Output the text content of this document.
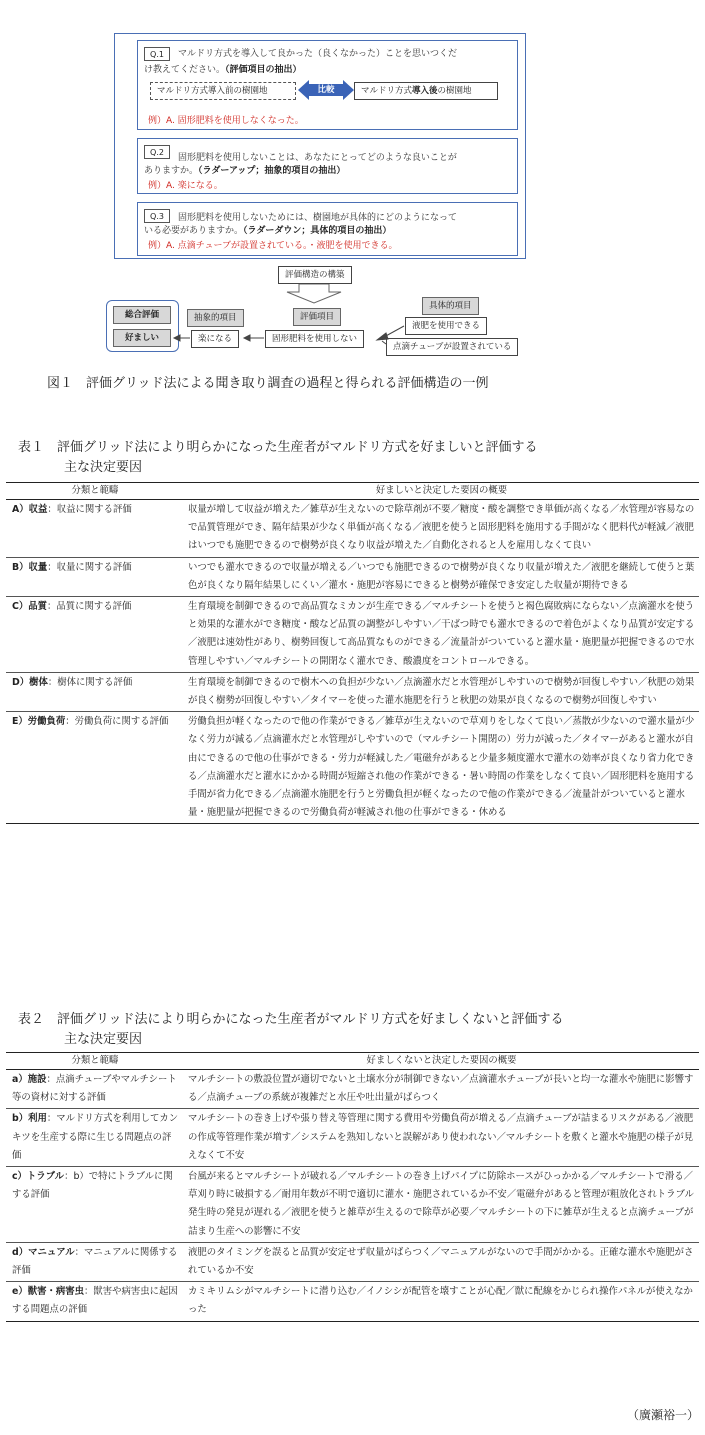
Q.1	マルドリ方式を導入して良かった（良くなかった）ことを思いつくだ
け教えてください。（評価項目の抽出）
マルドリ方式導入前の樹園地	比較	マルドリ方式導入後の樹園地
例）A. 固形肥料を使用しなくなった。
Q.2
固形肥料を使用しないことは、あなたにとってどのような良いことが
ありますか。（ラダーアップ；抽象的項目の抽出）
例）A. 楽になる。
Q.3	固形肥料を使用しないためには、樹園地が具体的にどのようになって
いる必要がありますか。（ラダーダウン；具体的項目の抽出）
例）A. 点滴チューブが設置されている。・液肥を使用できる。
評価構造の構築
総合評価
好ましい
抽象的項目
楽になる
評価項目
固形肥料を使用しない
具体的項目
液肥を使用できる
点滴チューブが設置されている
図１　評価グリッド法による聞き取り調査の過程と得られる評価構造の一例
表１　評価グリッド法により明らかになった生産者がマルドリ方式を好ましいと評価する
主な決定要因
分類と範疇	好ましいと決定した要因の概要
A）収益：収益に関する評価	収量が増して収益が増えた／雑草が生えないので除草剤が不要／糖度・酸を調整でき単価が高くなる／水管理が容易なので品質管理ができ、隔年結果が少なく単価が高くなる／液肥を使うと固形肥料を施用する手間がなく肥料代が軽減／液肥はいつでも施肥できるので樹勢が良くなり収益が増えた／自動化されると人を雇用しなくて良い
B）収量：収量に関する評価	いつでも灌水できるので収量が増える／いつでも施肥できるので樹勢が良くなり収量が増えた／液肥を継続して使うと葉色が良くなり隔年結果しにくい／灌水・施肥が容易にできると樹勢が確保でき安定した収量が期待できる
C）品質：品質に関する評価	生育環境を制御できるので高品質なミカンが生産できる／マルチシートを使うと褐色腐敗病にならない／点滴灌水を使うと効果的な灌水ができ糖度・酸など品質の調整がしやすい／干ばつ時でも灌水できるので着色がよくなり品質が安定する／液肥は速効性があり、樹勢回復して高品質なものができる／流量計がついていると灌水量・施肥量が把握できるので水管理しやすい／マルチシートの開閉なく灌水でき、酸濃度をコントロールできる。
D）樹体：樹体に関する評価	生育環境を制御できるので樹木への負担が少ない／点滴灌水だと水管理がしやすいので樹勢が回復しやすい／秋肥の効果が良く樹勢が回復しやすい／タイマーを使った灌水施肥を行うと秋肥の効果が良くなるので樹勢が回復しやすい
E）労働負荷：労働負荷に関する評価	労働負担が軽くなったので他の作業ができる／雑草が生えないので草刈りをしなくて良い／蒸散が少ないので灌水量が少なく労力が減る／点滴灌水だと水管理がしやすいので（マルチシート開閉の）労力が減った／タイマーがあると灌水が自由にできるので他の仕事ができる・労力が軽減した／電磁弁があると少量多頻度灌水で灌水の効率が良くなり省力化できる／点滴灌水だと灌水にかかる時間が短縮され他の作業ができる・暑い時間の作業をしなくて良い／固形肥料を施用する手間が省力化できる／点滴灌水施肥を行うと労働負担が軽くなったので他の作業ができる／流量計がついていると灌水量・施肥量が把握できるので労働負荷が軽減され他の仕事ができる・休める
表２　評価グリッド法により明らかになった生産者がマルドリ方式を好ましくないと評価する
主な決定要因
分類と範疇	好ましくないと決定した要因の概要
a）施設：点滴チューブやマルチシート等の資材に対する評価	マルチシートの敷設位置が適切でないと土壌水分が制御できない／点滴灌水チューブが長いと均一な灌水や施肥に影響する／点滴チューブの系統が複雑だと水圧や吐出量がばらつく
b）利用：マルドリ方式を利用してカンキツを生産する際に生じる問題点の評価	マルチシートの巻き上げや張り替え等管理に関する費用や労働負荷が増える／点滴チューブが詰まるリスクがある／液肥の作成等管理作業が増す／システムを熟知しないと誤解があり使われない／マルチシートを敷くと灌水や施肥の様子が見えなくて不安
c）トラブル：b）で特にトラブルに関する評価	台風が来るとマルチシートが破れる／マルチシートの巻き上げパイプに防除ホースがひっかかる／マルチシートで滑る／草刈り時に破損する／耐用年数が不明で適切に灌水・施肥されているか不安／電磁弁があると管理が粗放化されトラブル発生時の発見が遅れる／液肥を使うと雑草が生えるので除草が必要／マルチシートの下に雑草が生えると点滴チューブが詰まり生産への影響に不安
d）マニュアル：マニュアルに関係する評価	液肥のタイミングを誤ると品質が安定せず収量がばらつく／マニュアルがないので手間がかかる。正確な灌水や施肥がされているか不安
e）獣害・病害虫：獣害や病害虫に起因する問題点の評価	カミキリムシがマルチシートに潜り込む／イノシシが配管を壊すことが心配／獣に配線をかじられ操作パネルが使えなかった
（廣瀬裕一）
